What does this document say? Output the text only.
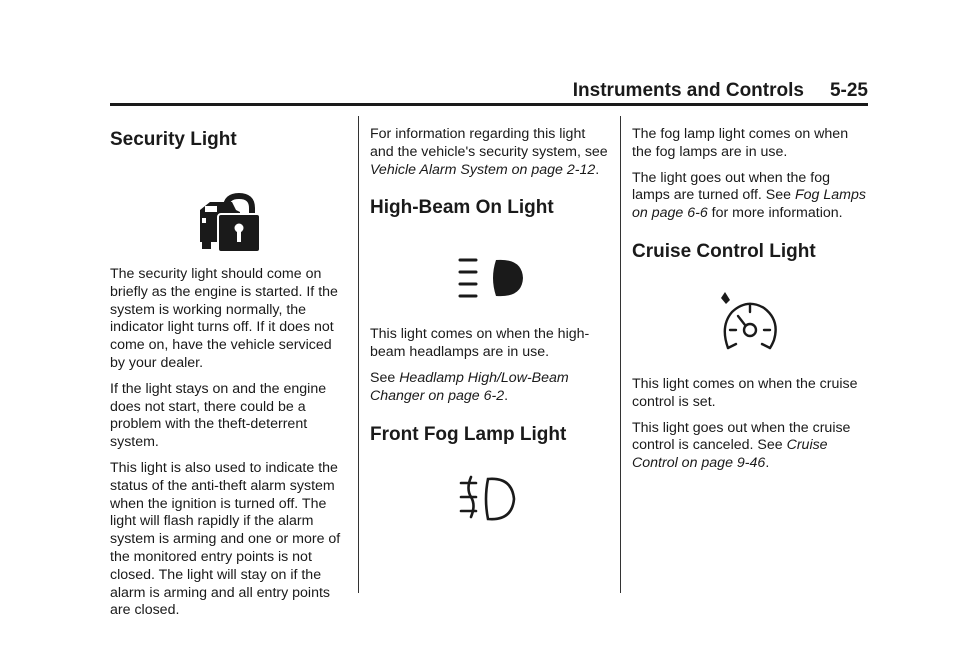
Instruments and Controls 5-25
Security Light

The security light should come on briefly as the engine is started. If the system is working normally, the indicator light turns off. If it does not come on, have the vehicle serviced by your dealer.

If the light stays on and the engine does not start, there could be a problem with the theft-deterrent system.

This light is also used to indicate the status of the anti-theft alarm system when the ignition is turned off. The light will flash rapidly if the alarm system is arming and one or more of the monitored entry points is not closed. The light will stay on if the alarm is arming and all entry points are closed.

For information regarding this light and the vehicle's security system, see Vehicle Alarm System on page 2-12.

High-Beam On Light

This light comes on when the high-beam headlamps are in use.

See Headlamp High/Low-Beam Changer on page 6-2.

Front Fog Lamp Light

The fog lamp light comes on when the fog lamps are in use.

The light goes out when the fog lamps are turned off. See Fog Lamps on page 6-6 for more information.

Cruise Control Light

This light comes on when the cruise control is set.

This light goes out when the cruise control is canceled. See Cruise Control on page 9-46.
